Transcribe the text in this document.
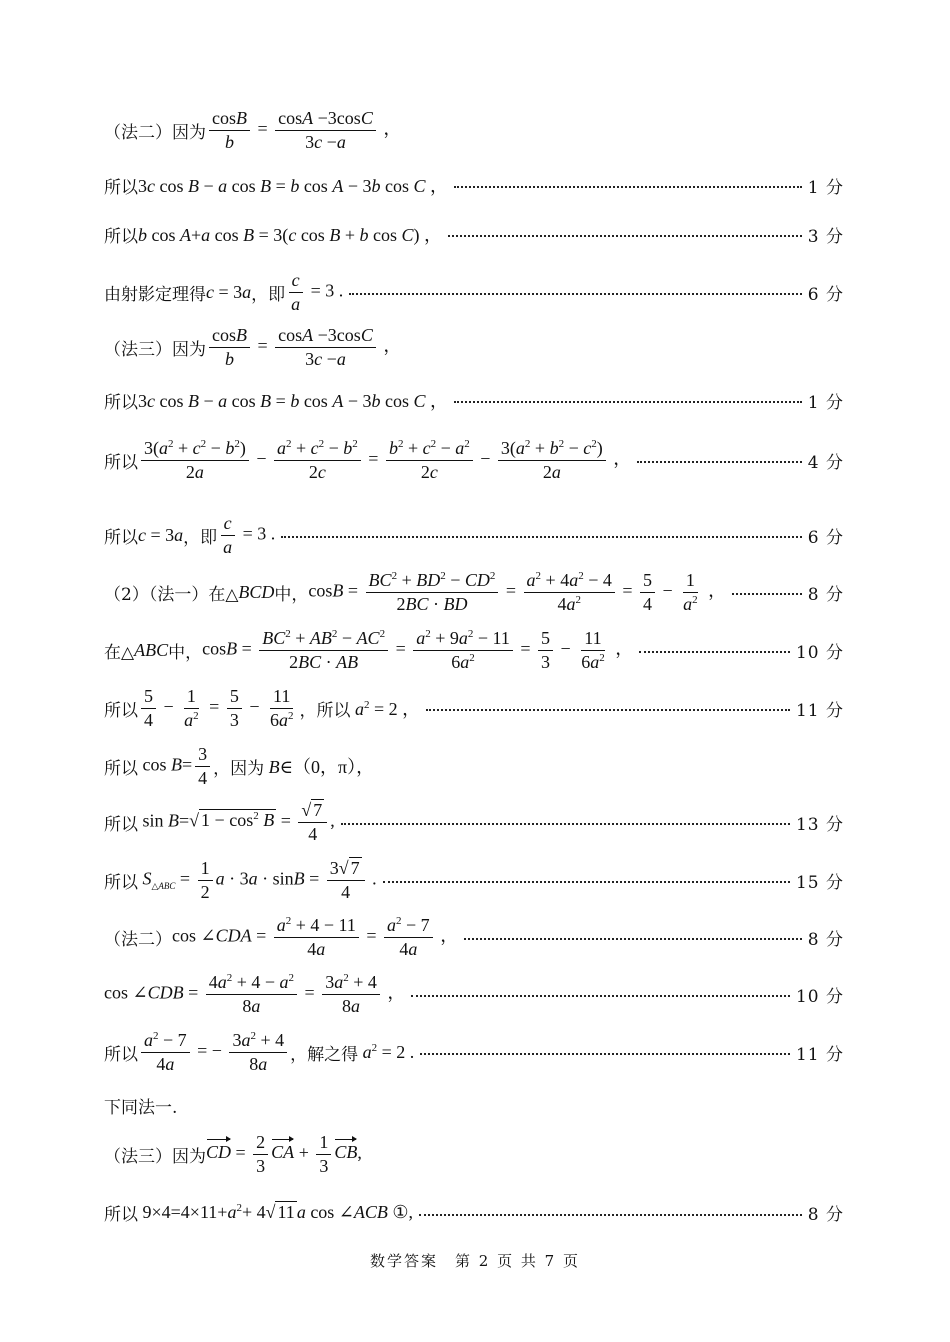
（法二）因为 $\frac{\cos B}{b} = \frac{\cos A -3\cos C}{3c -a}$ ，
所以 3c cos B − a cos B = b cos A − 3b cos C ，	1 分
所以 b cos A+a cos B = 3(c cos B + b cos C) ，	3 分
由射影定理得 c = 3a ，即 $\frac{c}{a} = 3$ .	6 分
（法三）因为 $\frac{\cos B}{b} = \frac{\cos A -3\cos C}{3c -a}$ ，
所以 3c cos B − a cos B = b cos A − 3b cos C ，	1 分
所以 $\frac{3(a^2 + c^2 - b^2)}{2a} - \frac{a^2 + c^2 - b^2}{2c} = \frac{b^2 + c^2 - a^2}{2c} - \frac{3(a^2 + b^2 - c^2)}{2a}$ ，	4 分
所以 c = 3a ，即 $\frac{c}{a} = 3$ .	6 分
（2）（法一）在△ BCD 中， $\cos B = \frac{BC^2 + BD^2 - CD^2}{2BC \cdot BD} = \frac{a^2 + 4a^2 - 4}{4a^2} = \frac{5}{4} - \frac{1}{a^2}$ ，	8 分
在△ ABC 中， $\cos B = \frac{BC^2 + AB^2 - AC^2}{2BC \cdot AB} = \frac{a^2 + 9a^2 - 11}{6a^2} = \frac{5}{3} - \frac{11}{6a^2}$ ，	10 分
所以 $\frac{5}{4} - \frac{1}{a^2} = \frac{5}{3} - \frac{11}{6a^2}$ ，所以 $a^2 = 2$ ，	11 分
所以 $\cos B= \frac{3}{4}$ ，因为 B∈（0，π），
所以 sin B=√ $1 - \cos^2 B = \frac{√ 7}{4}$ ,	13 分
所以 $S_{\triangle ABC} = \frac{1}{2}$ $a \cdot 3a \cdot \sin B = \frac{3√ 7}{4}$ .	15 分
（法二） cos ∠CDA = $\frac{a^2 + 4 - 11}{4a} = \frac{a^2 - 7}{4a}$ ，	8 分
cos ∠CDB = $\frac{4a^2 + 4 - a^2}{8a} = \frac{3a^2 + 4}{8a}$ ，	10 分
所以 $\frac{a^2 - 7}{4a}$ = − $\frac{3a^2 + 4}{8a}$ ，解之得 $a^2 = 2$ .	11 分
下同法一.
（法三）因为 CD = $\frac{2}{3}$ CA + $\frac{1}{3}$ CB,
所以 $9\times 4=4\times 11+a^2+ 4√$ 11 a cos ∠ACB ①,	8 分
数学答案　第 2 页 共 7 页
